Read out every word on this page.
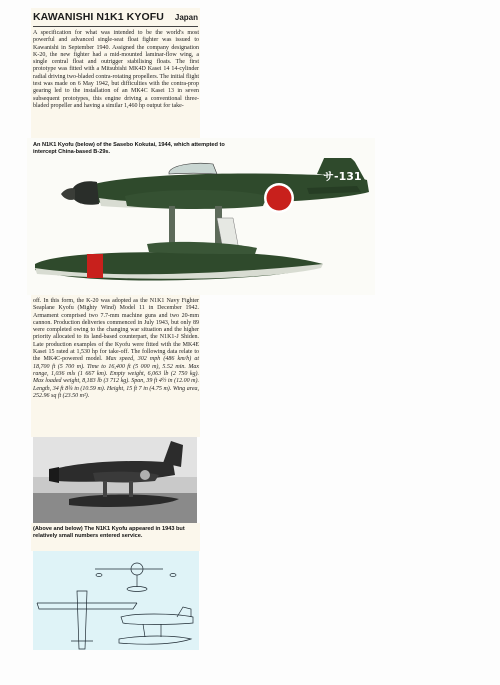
KAWANISHI N1K1 KYOFU Japan
A specification for what was intended to be the world's most powerful and advanced single-seat float fighter was issued to Kawanishi in September 1940. Assigned the company designation K-20, the new fighter had a mid-mounted laminar-flow wing, a single central float and outrigger stabilising floats. The first prototype was fitted with a Mitsubishi MK4D Kasei 14 14-cylinder radial driving two-bladed contra-rotating propellers. The initial flight test was made on 6 May 1942, but difficulties with the contra-prop gearing led to the installation of an MK4C Kasei 13 in seven subsequent prototypes, this engine driving a conventional three-bladed propeller and having a similar 1,460 hp output for take-
An N1K1 Kyofu (below) of the Sasebo Kokutai, 1944, which attempted to intercept China-based B-29s.
サ-131
off. In this form, the K-20 was adopted as the N1K1 Navy Fighter Seaplane Kyofu (Mighty Wind) Model 11 in December 1942. Armament comprised two 7.7-mm machine guns and two 20-mm cannon. Production deliveries commenced in July 1943, but only 89 were completed owing to the changing war situation and the higher priority allocated to its land-based counterpart, the N1K1-J Shiden. Late production examples of the Kyofu were fitted with the MK4E Kasei 15 rated at 1,530 hp for take-off. The following data relate to the MK4C-powered model. Max speed, 302 mph (486 km/h) at 18,700 ft (5 700 m). Time to 16,400 ft (5 000 m), 5.52 min. Max range, 1,036 mls (1 667 km). Empty weight, 6,063 lb (2 750 kg). Max loaded weight, 8,183 lb (3 712 kg). Span, 39 ft 4½ in (12.00 m). Length, 34 ft 8¾ in (10.59 m). Height, 15 ft 7 in (4.75 m). Wing area, 252.96 sq ft (23.50 m²).
(Above and below) The N1K1 Kyofu appeared in 1943 but relatively small numbers entered service.
